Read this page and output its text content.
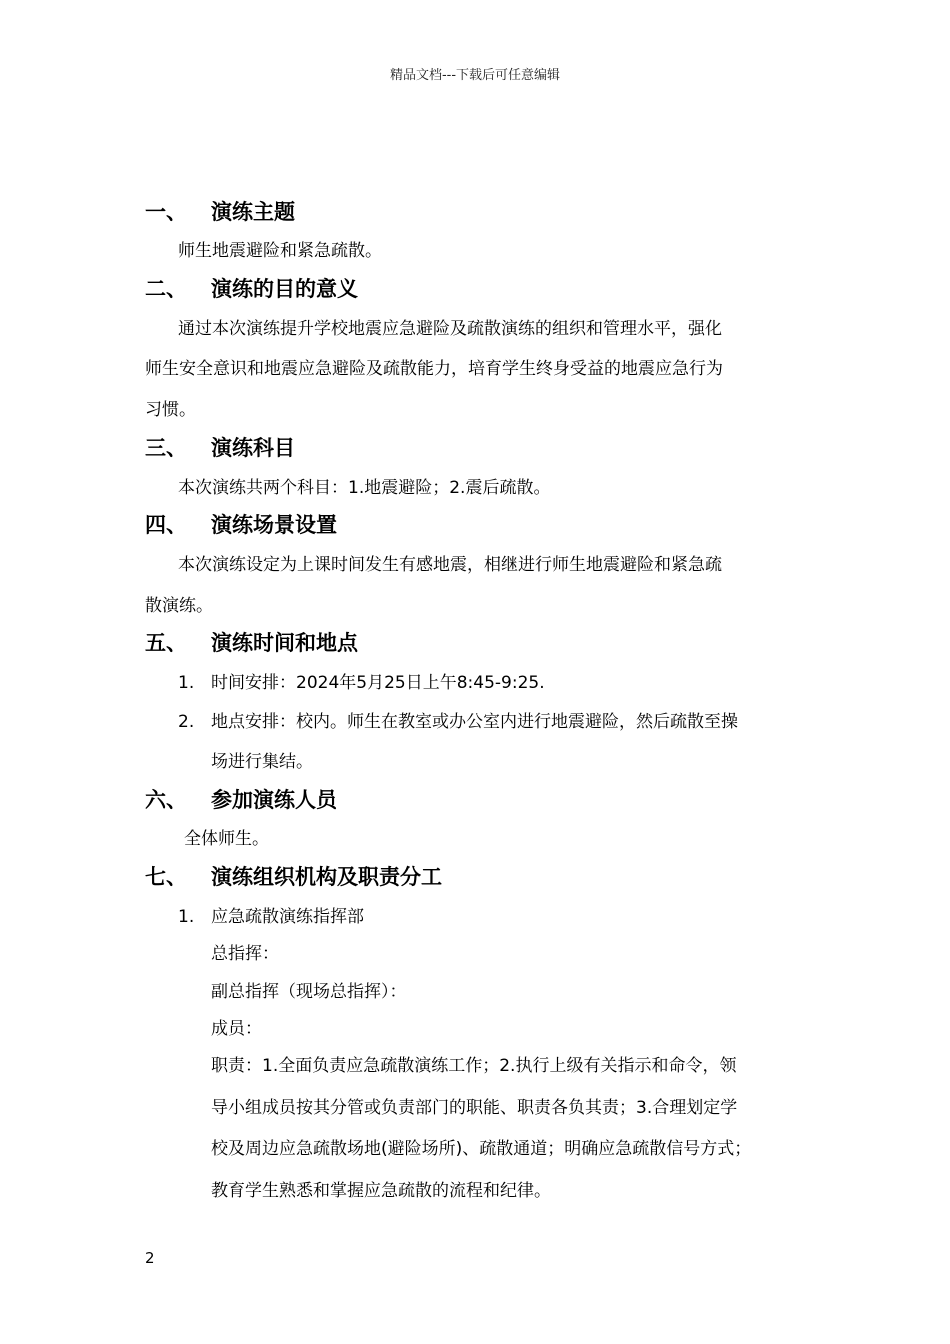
精品文档---下载后可任意编辑
一、 演练主题
师生地震避险和紧急疏散。
二、 演练的目的意义
通过本次演练提升学校地震应急避险及疏散演练的组织和管理水平，强化
师生安全意识和地震应急避险及疏散能力，培育学生终身受益的地震应急行为
习惯。
三、 演练科目
本次演练共两个科目：1.地震避险；2.震后疏散。
四、 演练场景设置
本次演练设定为上课时间发生有感地震，相继进行师生地震避险和紧急疏
散演练。
五、 演练时间和地点
1. 时间安排：2024年5月25日上午8:45-9:25.
2. 地点安排：校内。师生在教室或办公室内进行地震避险，然后疏散至操
场进行集结。
六、 参加演练人员
全体师生。
七、 演练组织机构及职责分工
1. 应急疏散演练指挥部
总指挥：
副总指挥（现场总指挥）：
成员：
职责：1.全面负责应急疏散演练工作；2.执行上级有关指示和命令，领
导小组成员按其分管或负责部门的职能、职责各负其责；3.合理划定学
校及周边应急疏散场地(避险场所)、疏散通道；明确应急疏散信号方式；
教育学生熟悉和掌握应急疏散的流程和纪律。
2
